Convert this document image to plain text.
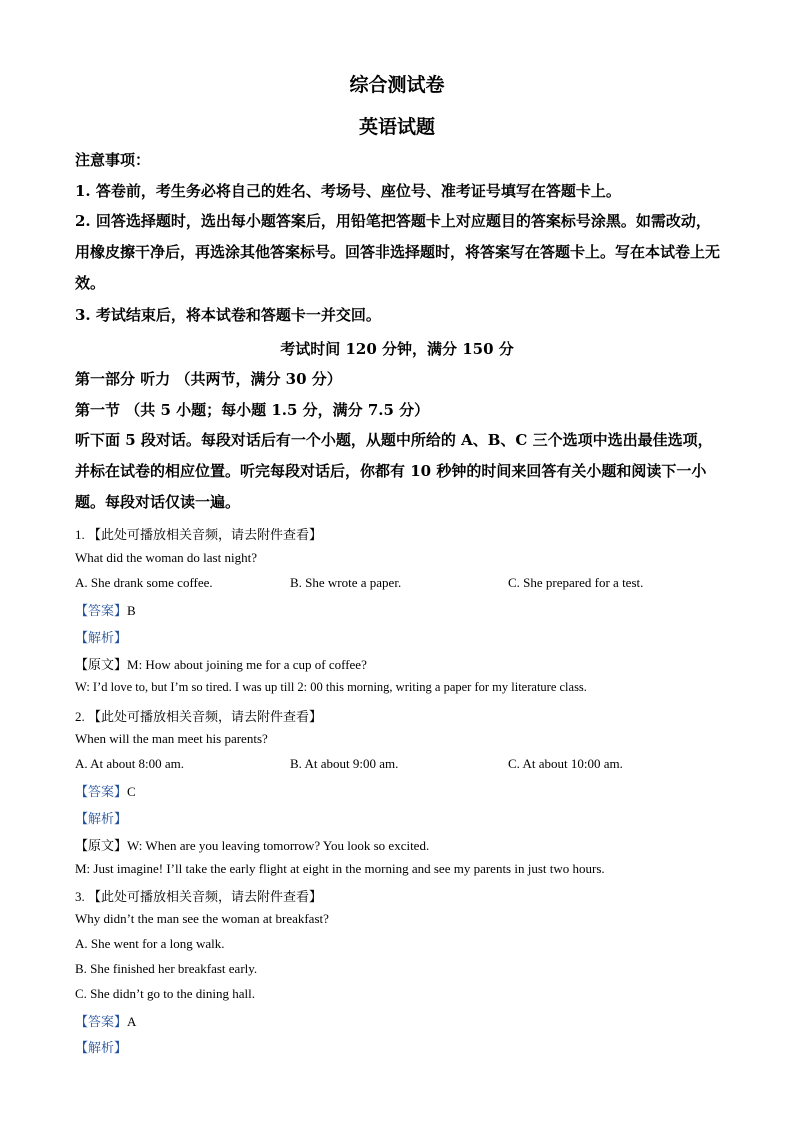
综合测试卷
英语试题
注意事项：
1. 答卷前，考生务必将自己的姓名、考场号、座位号、准考证号填写在答题卡上。
2. 回答选择题时，选出每小题答案后，用铅笔把答题卡上对应题目的答案标号涂黑。如需改动，用橡皮擦干净后，再选涂其他答案标号。回答非选择题时，将答案写在答题卡上。写在本试卷上无效。
3. 考试结束后，将本试卷和答题卡一并交回。
考试时间 120 分钟，满分 150 分
第一部分 听力 （共两节，满分 30 分）
第一节 （共 5 小题；每小题 1.5 分，满分 7.5 分）
听下面 5 段对话。每段对话后有一个小题，从题中所给的 A、B、C 三个选项中选出最佳选项，并标在试卷的相应位置。听完每段对话后，你都有 10 秒钟的时间来回答有关小题和阅读下一小题。每段对话仅读一遍。
1. 【此处可播放相关音频，请去附件查看】
What did the woman do last night?
A. She drank some coffee.	B. She wrote a paper.	C. She prepared for a test.
【答案】B
【解析】
【原文】M: How about joining me for a cup of coffee?
W: I’d love to, but I’m so tired. I was up till 2: 00 this morning, writing a paper for my literature class.
2. 【此处可播放相关音频，请去附件查看】
When will the man meet his parents?
A. At about 8:00 am.	B. At about 9:00 am.	C. At about 10:00 am.
【答案】C
【解析】
【原文】W: When are you leaving tomorrow? You look so excited.
M: Just imagine! I’ll take the early flight at eight in the morning and see my parents in just two hours.
3. 【此处可播放相关音频，请去附件查看】
Why didn’t the man see the woman at breakfast?
A. She went for a long walk.
B. She finished her breakfast early.
C. She didn’t go to the dining hall.
【答案】A
【解析】
